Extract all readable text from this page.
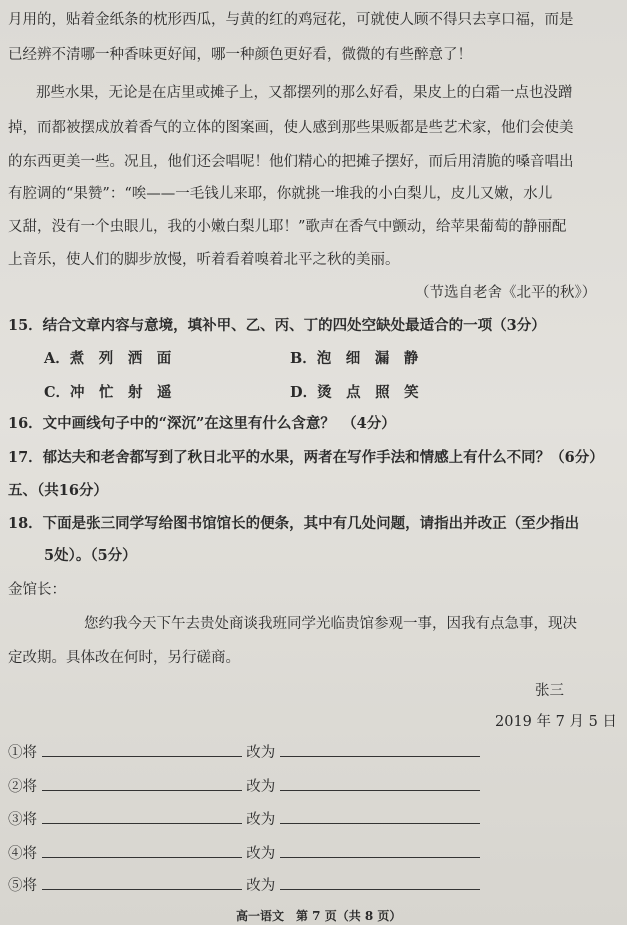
月用的，贴着金纸条的枕形西瓜，与黄的红的鸡冠花，可就使人顾不得只去享口福，而是
已经辨不清哪一种香味更好闻，哪一种颜色更好看，微微的有些醉意了！
那些水果，无论是在店里或摊子上，又都摆列的那么好看，果皮上的白霜一点也没蹭
掉，而都被摆成放着香气的立体的图案画，使人感到那些果贩都是些艺术家，他们会使美
的东西更美一些。况且，他们还会唱呢！他们精心的把摊子摆好，而后用清脆的嗓音唱出
有腔调的“果赞”：“唉——一毛钱儿来耶，你就挑一堆我的小白梨儿，皮儿又嫩，水儿
又甜，没有一个虫眼儿，我的小嫩白梨儿耶！”歌声在香气中颤动，给苹果葡萄的静丽配
上音乐，使人们的脚步放慢，听着看着嗅着北平之秋的美丽。
（节选自老舍《北平的秋》）
15．结合文章内容与意境，填补甲、乙、丙、丁的四处空缺处最适合的一项（3分）
A．煮　列　洒　面	B．泡　细　漏　静
C．冲　忙　射　遥	D．烫　点　照　笑
16．文中画线句子中的“深沉”在这里有什么含意？　（4分）
17．郁达夫和老舍都写到了秋日北平的水果，两者在写作手法和情感上有什么不同？（6分）
五、（共16分）
18．下面是张三同学写给图书馆馆长的便条，其中有几处问题，请指出并改正（至少指出
5处）。（5分）
金馆长：
您约我今天下午去贵处商谈我班同学光临贵馆参观一事，因我有点急事，现决
定改期。具体改在何时，另行磋商。
张三
2019 年 7 月 5 日
①将	改为
②将	改为
③将	改为
④将	改为
⑤将	改为
高一语文　第 7 页（共 8 页）
